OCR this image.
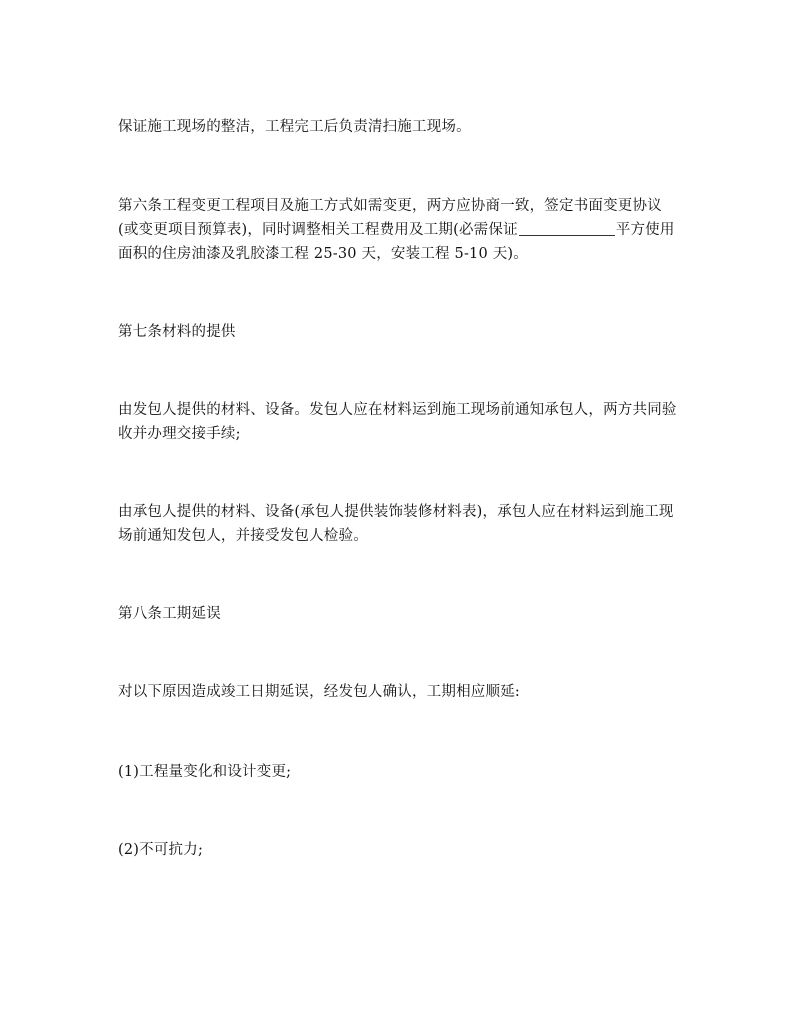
保证施工现场的整洁，工程完工后负责清扫施工现场。

第六条工程变更工程项目及施工方式如需变更，两方应协商一致，签定书面变更协议(或变更项目预算表)，同时调整相关工程费用及工期(必需保证	平方使用面积的住房油漆及乳胶漆工程 25-30 天，安装工程 5-10 天)。

第七条材料的提供

由发包人提供的材料、设备。发包人应在材料运到施工现场前通知承包人，两方共同验收并办理交接手续;

由承包人提供的材料、设备(承包人提供装饰装修材料表)，承包人应在材料运到施工现场前通知发包人，并接受发包人检验。

第八条工期延误

对以下原因造成竣工日期延误，经发包人确认，工期相应顺延:

(1)工程量变化和设计变更;

(2)不可抗力;
